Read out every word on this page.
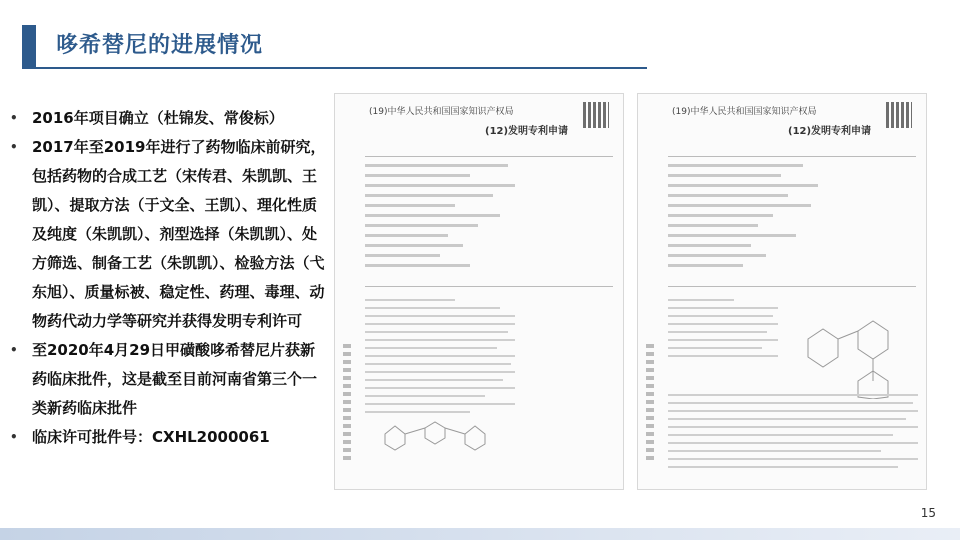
哆希替尼的进展情况
• 2016年项目确立（杜锦发、常俊标）
• 2017年至2019年进行了药物临床前研究，包括药物的合成工艺（宋传君、朱凯凯、王凯）、提取方法（于文全、王凯）、理化性质及纯度（朱凯凯）、剂型选择（朱凯凯）、处方筛选、制备工艺（朱凯凯）、检验方法（弋东旭）、质量标被、稳定性、药理、毒理、动物药代动力学等研究并获得发明专利许可
• 至2020年4月29日甲磺酸哆希替尼片获新药临床批件，这是截至目前河南省第三个一类新药临床批件
• 临床许可批件号：CXHL2000061
(19)中华人民共和国国家知识产权局
(12)发明专利申请
(19)中华人民共和国国家知识产权局
(12)发明专利申请
15
